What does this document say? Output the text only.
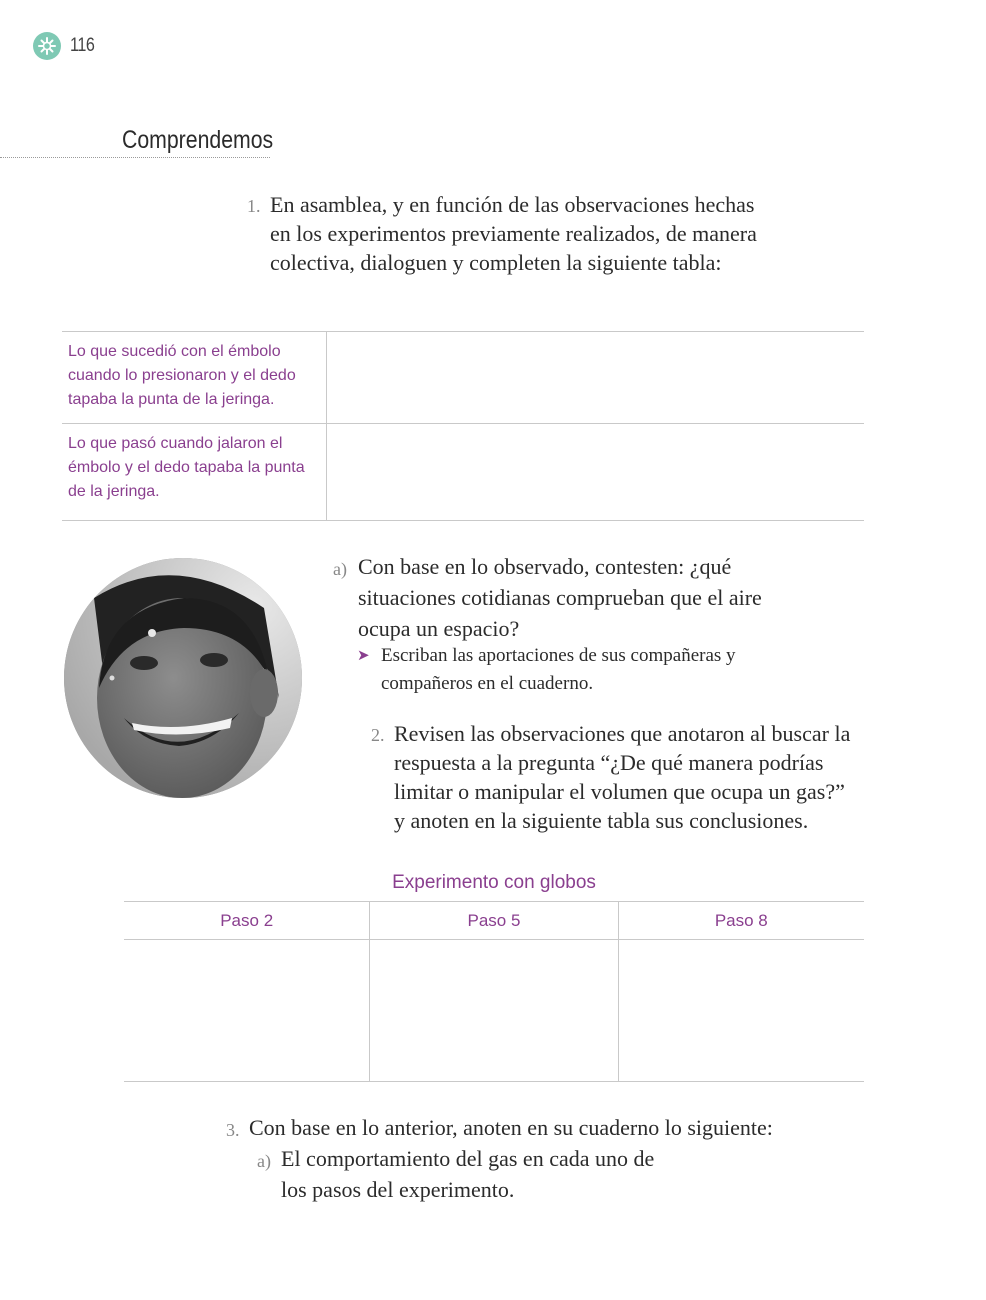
116
Comprendemos
1. En asamblea, y en función de las observaciones hechas en los experimentos previamente realizados, de manera colectiva, dialoguen y completen la siguiente tabla:
Lo que sucedió con el émbolo cuando lo presionaron y el dedo tapaba la punta de la jeringa.	
Lo que pasó cuando jalaron el émbolo y el dedo tapaba la punta de la jeringa.	
a) Con base en lo observado, contesten: ¿qué situaciones cotidianas comprueban que el aire ocupa un espacio?
➤ Escriban las aportaciones de sus compañeras y compañeros en el cuaderno.
2. Revisen las observaciones que anotaron al buscar la respuesta a la pregunta “¿De qué manera podrías limitar o manipular el volumen que ocupa un gas?” y anoten en la siguiente tabla sus conclusiones.
Experimento con globos
Paso 2	Paso 5	Paso 8

3. Con base en lo anterior, anoten en su cuaderno lo siguiente:
a) El comportamiento del gas en cada uno de los pasos del experimento.
